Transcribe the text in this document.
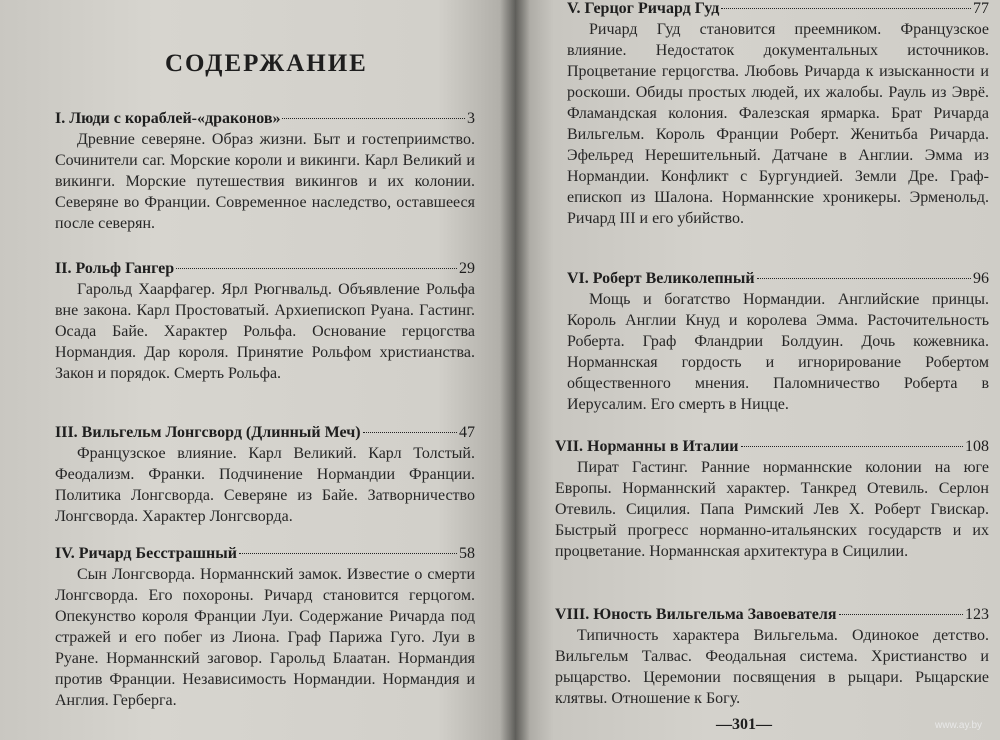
СОДЕРЖАНИЕ
I. Люди с кораблей-«драконов»	3

Древние северяне. Образ жизни. Быт и гостеприимство. Сочинители саг. Морские короли и викинги. Карл Великий и викинги. Морские путешествия викингов и их колонии. Северяне во Франции. Современное наследство, оставшееся после северян.

II. Рольф Гангер	29

Гарольд Хаарфагер. Ярл Рюгнвальд. Объявление Рольфа вне закона. Карл Простоватый. Архиепископ Руана. Гастинг. Осада Байе. Характер Рольфа. Основание герцогства Нормандия. Дар короля. Принятие Рольфом христианства. Закон и порядок. Смерть Рольфа.

III. Вильгельм Лонгсворд (Длинный Меч)	47

Французское влияние. Карл Великий. Карл Толстый. Феодализм. Франки. Подчинение Нормандии Франции. Политика Лонгсворда. Северяне из Байе. Затворничество Лонгсворда. Характер Лонгсворда.

IV. Ричард Бесстрашный	58

Сын Лонгсворда. Норманнский замок. Известие о смерти Лонгсворда. Его похороны. Ричард становится герцогом. Опекунство короля Франции Луи. Содержание Ричарда под стражей и его побег из Лиона. Граф Парижа Гуго. Луи в Руане. Норманнский заговор. Гарольд Блаатан. Нормандия против Франции. Независимость Нормандии. Нормандия и Англия. Герберга.

V. Герцог Ричард Гуд	77

Ричард Гуд становится преемником. Французское влияние. Недостаток документальных источников. Процветание герцогства. Любовь Ричарда к изысканности и роскоши. Обиды простых людей, их жалобы. Рауль из Эврё. Фламандская колония. Фалезская ярмарка. Брат Ричарда Вильгельм. Король Франции Роберт. Женитьба Ричарда. Эфельред Нерешительный. Датчане в Англии. Эмма из Нормандии. Конфликт с Бургундией. Земли Дре. Граф-епископ из Шалона. Норманнские хроникеры. Эрменольд. Ричард III и его убийство.

VI. Роберт Великолепный	96

Мощь и богатство Нормандии. Английские принцы. Король Англии Кнуд и королева Эмма. Расточительность Роберта. Граф Фландрии Болдуин. Дочь кожевника. Норманнская гордость и игнорирование Робертом общественного мнения. Паломничество Роберта в Иерусалим. Его смерть в Ницце.

VII. Норманны в Италии	108

Пират Гастинг. Ранние норманнские колонии на юге Европы. Норманнский характер. Танкред Отевиль. Серлон Отевиль. Сицилия. Папа Римский Лев X. Роберт Гвискар. Быстрый прогресс норманно-итальянских государств и их процветание. Норманнская архитектура в Сицилии.

VIII. Юность Вильгельма Завоевателя	123

Типичность характера Вильгельма. Одинокое детство. Вильгельм Талвас. Феодальная система. Христианство и рыцарство. Церемонии посвящения в рыцари. Рыцарские клятвы. Отношение к Богу.

—301—	www.ay.by
